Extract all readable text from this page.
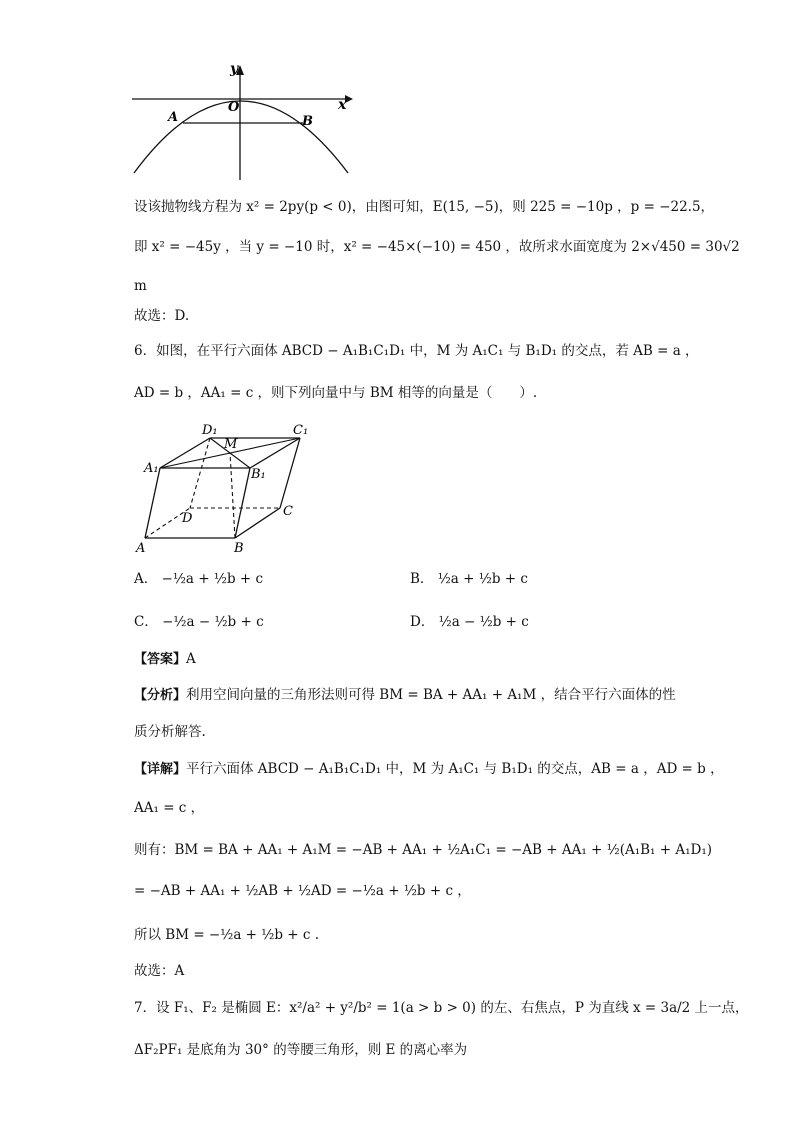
y
x
O
A	B
设该抛物线方程为 x² = 2py(p < 0)，由图可知，E(15, −5)，则 225 = −10p ，p = −22.5，
即 x² = −45y ，当 y = −10 时，x² = −45×(−10) = 450 ，故所求水面宽度为 2×√450 = 30√2
m
故选：D.
6．如图，在平行六面体 ABCD − A₁B₁C₁D₁ 中，M 为 A₁C₁ 与 B₁D₁ 的交点，若 AB = a ，
AD = b ，AA₁ = c ，则下列向量中与 BM 相等的向量是（　　）.
A	B
C
D
A₁	B₁
C₁
D₁
M
A． −½a + ½b + c	B． ½a + ½b + c
C． −½a − ½b + c	D． ½a − ½b + c
【答案】A
【分析】利用空间向量的三角形法则可得 BM = BA + AA₁ + A₁M ，结合平行六面体的性
质分析解答.
【详解】平行六面体 ABCD − A₁B₁C₁D₁ 中，M 为 A₁C₁ 与 B₁D₁ 的交点，AB = a ，AD = b ，
AA₁ = c ，
则有：BM = BA + AA₁ + A₁M = −AB + AA₁ + ½A₁C₁ = −AB + AA₁ + ½(A₁B₁ + A₁D₁)
= −AB + AA₁ + ½AB + ½AD = −½a + ½b + c ，
所以 BM = −½a + ½b + c .
故选：A
7．设 F₁、F₂ 是椭圆 E：x²/a² + y²/b² = 1(a > b > 0) 的左、右焦点，P 为直线 x = 3a/2 上一点，
ΔF₂PF₁ 是底角为 30° 的等腰三角形，则 E 的离心率为
